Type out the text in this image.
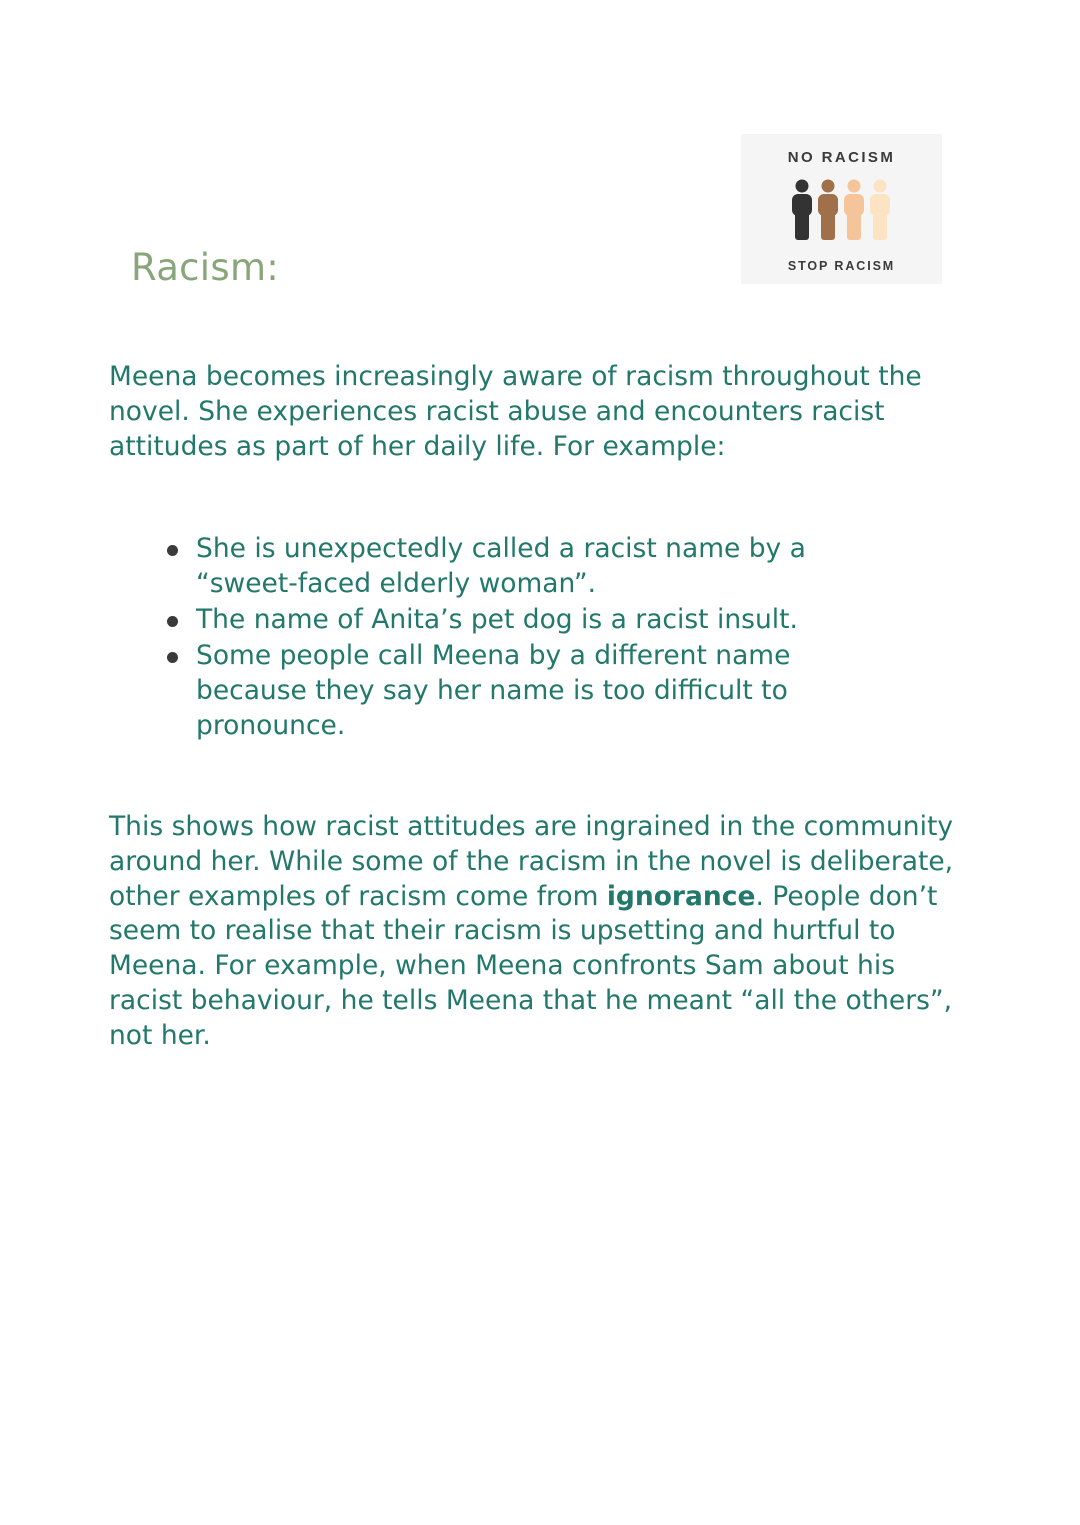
Racism:
NO RACISM
STOP RACISM

Meena becomes increasingly aware of racism throughout the novel. She experiences racist abuse and encounters racist attitudes as part of her daily life. For example:

She is unexpectedly called a racist name by a “sweet-faced elderly woman”.
The name of Anita’s pet dog is a racist insult.
Some people call Meena by a different name because they say her name is too difficult to pronounce.

This shows how racist attitudes are ingrained in the community around her. While some of the racism in the novel is deliberate, other examples of racism come from ignorance. People don’t seem to realise that their racism is upsetting and hurtful to Meena. For example, when Meena confronts Sam about his racist behaviour, he tells Meena that he meant “all the others”, not her.
